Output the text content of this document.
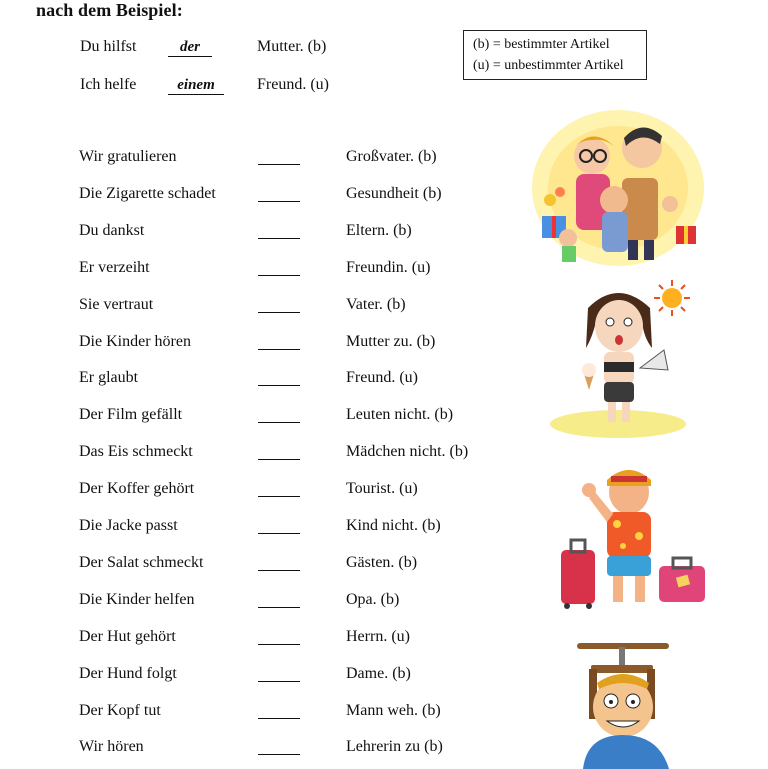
nach dem Beispiel:
Du hilfst	der	Mutter. (b)
Ich helfe	einem	Freund. (u)
(b) = bestimmter Artikel
(u) = unbestimmter Artikel
Wir gratulieren	Großvater. (b)
Die Zigarette schadet	Gesundheit (b)
Du dankst	Eltern. (b)
Er verzeiht	Freundin. (u)
Sie vertraut	Vater. (b)
Die Kinder hören	Mutter zu. (b)
Er glaubt	Freund. (u)
Der Film gefällt	Leuten nicht. (b)
Das Eis schmeckt	Mädchen nicht. (b)
Der Koffer gehört	Tourist. (u)
Die Jacke passt	Kind nicht. (b)
Der Salat schmeckt	Gästen. (b)
Die Kinder helfen	Opa. (b)
Der Hut gehört	Herrn. (u)
Der Hund folgt	Dame. (b)
Der Kopf tut	Mann weh. (b)
Wir hören	Lehrerin zu (b)
